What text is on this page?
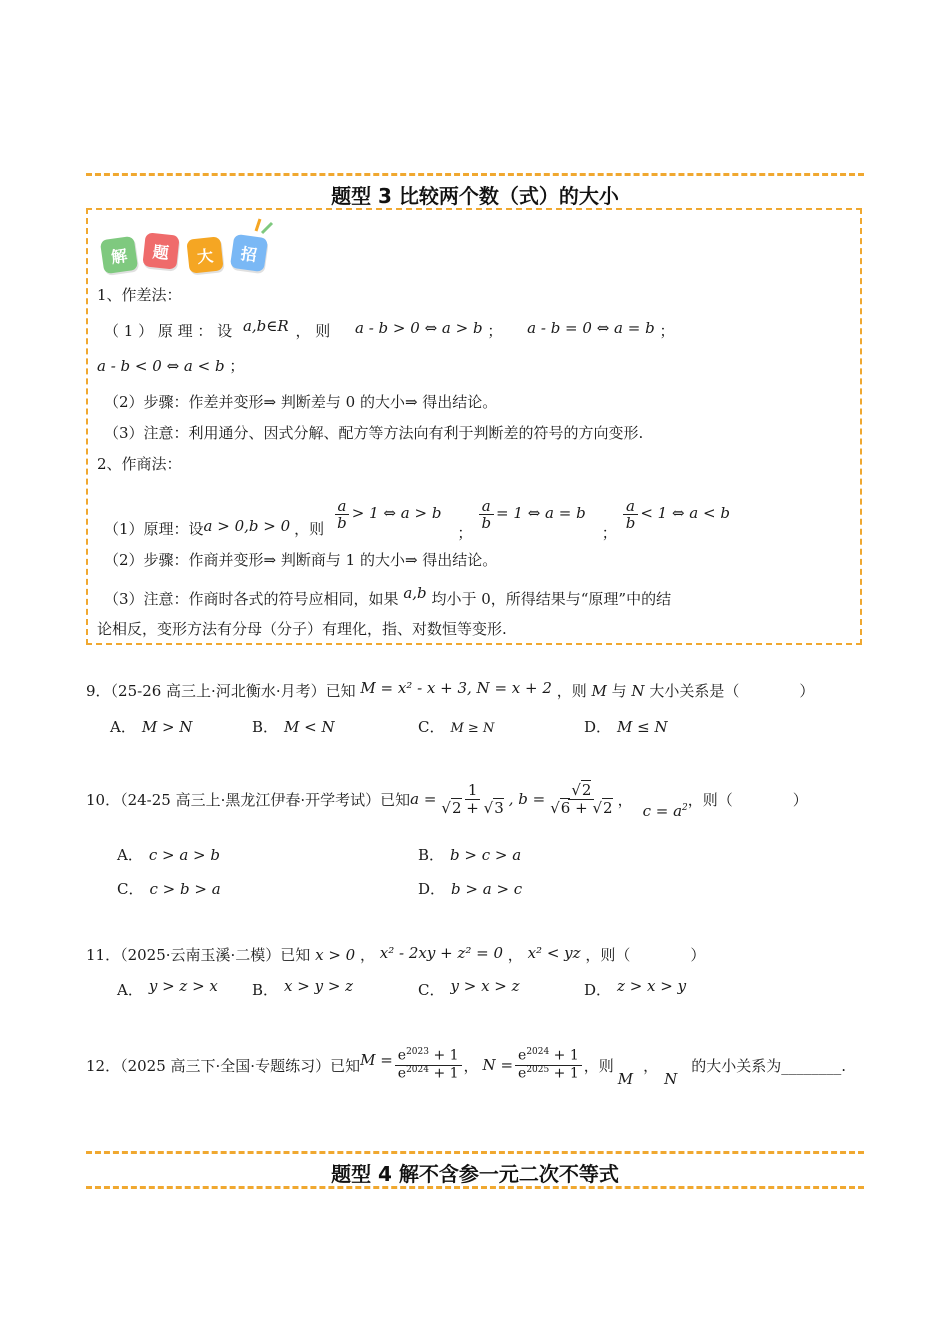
题型 3 比较两个数（式）的大小
解 题 大 招
1、作差法：
（ 1 ） 原 理 ： 设 a,b∈R ， 则 a - b > 0 ⇔ a > b ； a - b = 0 ⇔ a = b ；
a - b < 0 ⇔ a < b ；
（2）步骤：作差并变形⇒ 判断差与 0 的大小⇒ 得出结论。
（3）注意：利用通分、因式分解、配方等方法向有利于判断差的符号的方向变形.
2、作商法：
（1）原理：设 a > 0,b > 0 ，则 $\frac{a}{b} > 1$ ⇔ a > b
；
$\frac{a}{b} = 1$ ⇔ a = b
；
$\frac{a}{b} < 1$ ⇔ a < b
（2）步骤：作商并变形⇒ 判断商与 1 的大小⇒ 得出结论。
（3）注意：作商时各式的符号应相同，如果 a,b 均小于 0，所得结果与“原理”中的结
论相反，变形方法有分母（分子）有理化，指、对数恒等变形.
9．（25-26 高三上·河北衡水·月考）已知 M = x² - x + 3, N = x + 2 ，则 M 与 N 大小关系是（　　　　）
A． M > N	B． M < N	C． M ≥ N	D． M ≤ N
10．（24-25 高三上·黑龙江伊春·开学考试）已知 $a = \frac{1}{√2 + √3}$ , $b = \frac{√2}{√6 + √2}$ ，
$c = a^2$ ，则（　　　　）
A． c > a > b	B． b > c > a
C． c > b > a	D． b > a > c
11．（2025·云南玉溪·二模）已知 x > 0 ， x² - 2xy + z² = 0 ， x² < yz ，则（　　　　）
A． y > z > x B． x > y > z	C． y > x > z	D． z > x > y
12．（2025 高三下·全国·专题练习）已知 $M = \frac{e^{2023} + 1}{e^{2024} + 1}$ ， $N = \frac{e^{2024} + 1}{e^{2025} + 1}$ ，则
M
，
N
的大小关系为________.
题型 4 解不含参一元二次不等式
